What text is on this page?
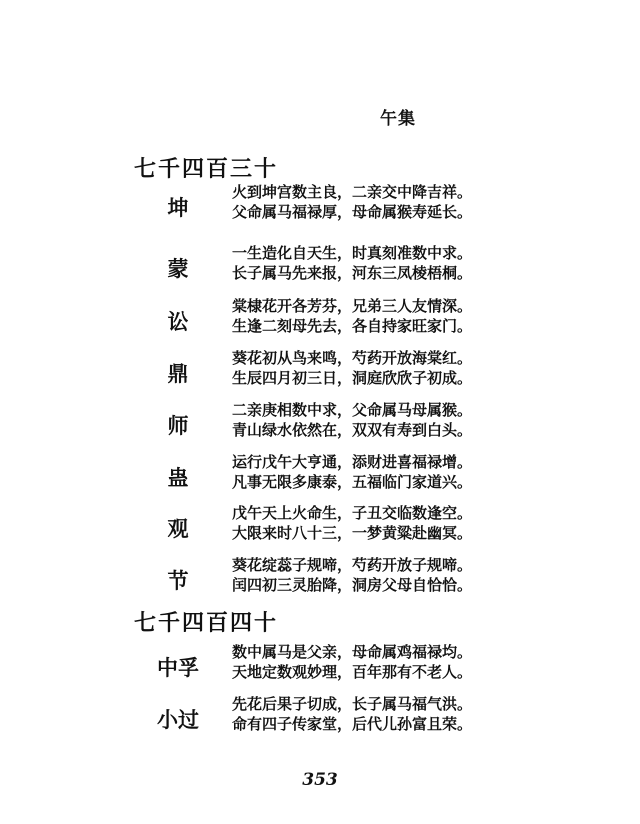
午集
七千四百三十
坤
火到坤宫数主良，二亲交中降吉祥。
父命属马福禄厚，母命属猴寿延长。
蒙
一生造化自天生，时真刻准数中求。
长子属马先来报，河东三凤棱梧桐。
讼
棠棣花开各芳芬，兄弟三人友情深。
生逢二刻母先去，各自持家旺家门。
鼎
葵花初从鸟来鸣，芍药开放海棠红。
生辰四月初三日，洞庭欣欣子初成。
师
二亲庚相数中求，父命属马母属猴。
青山绿水依然在，双双有寿到白头。
蛊
运行戊午大亨通，添财进喜福禄增。
凡事无限多康泰，五福临门家道兴。
观
戊午天上火命生，子丑交临数逢空。
大限来时八十三，一梦黄粱赴幽冥。
节
葵花绽蕊子规啼，芍药开放子规啼。
闰四初三灵胎降，洞房父母自恰恰。
七千四百四十
中孚
数中属马是父亲，母命属鸡福禄均。
天地定数观妙理，百年那有不老人。
小过
先花后果子切成，长子属马福气洪。
命有四子传家堂，后代儿孙富且荣。
353
